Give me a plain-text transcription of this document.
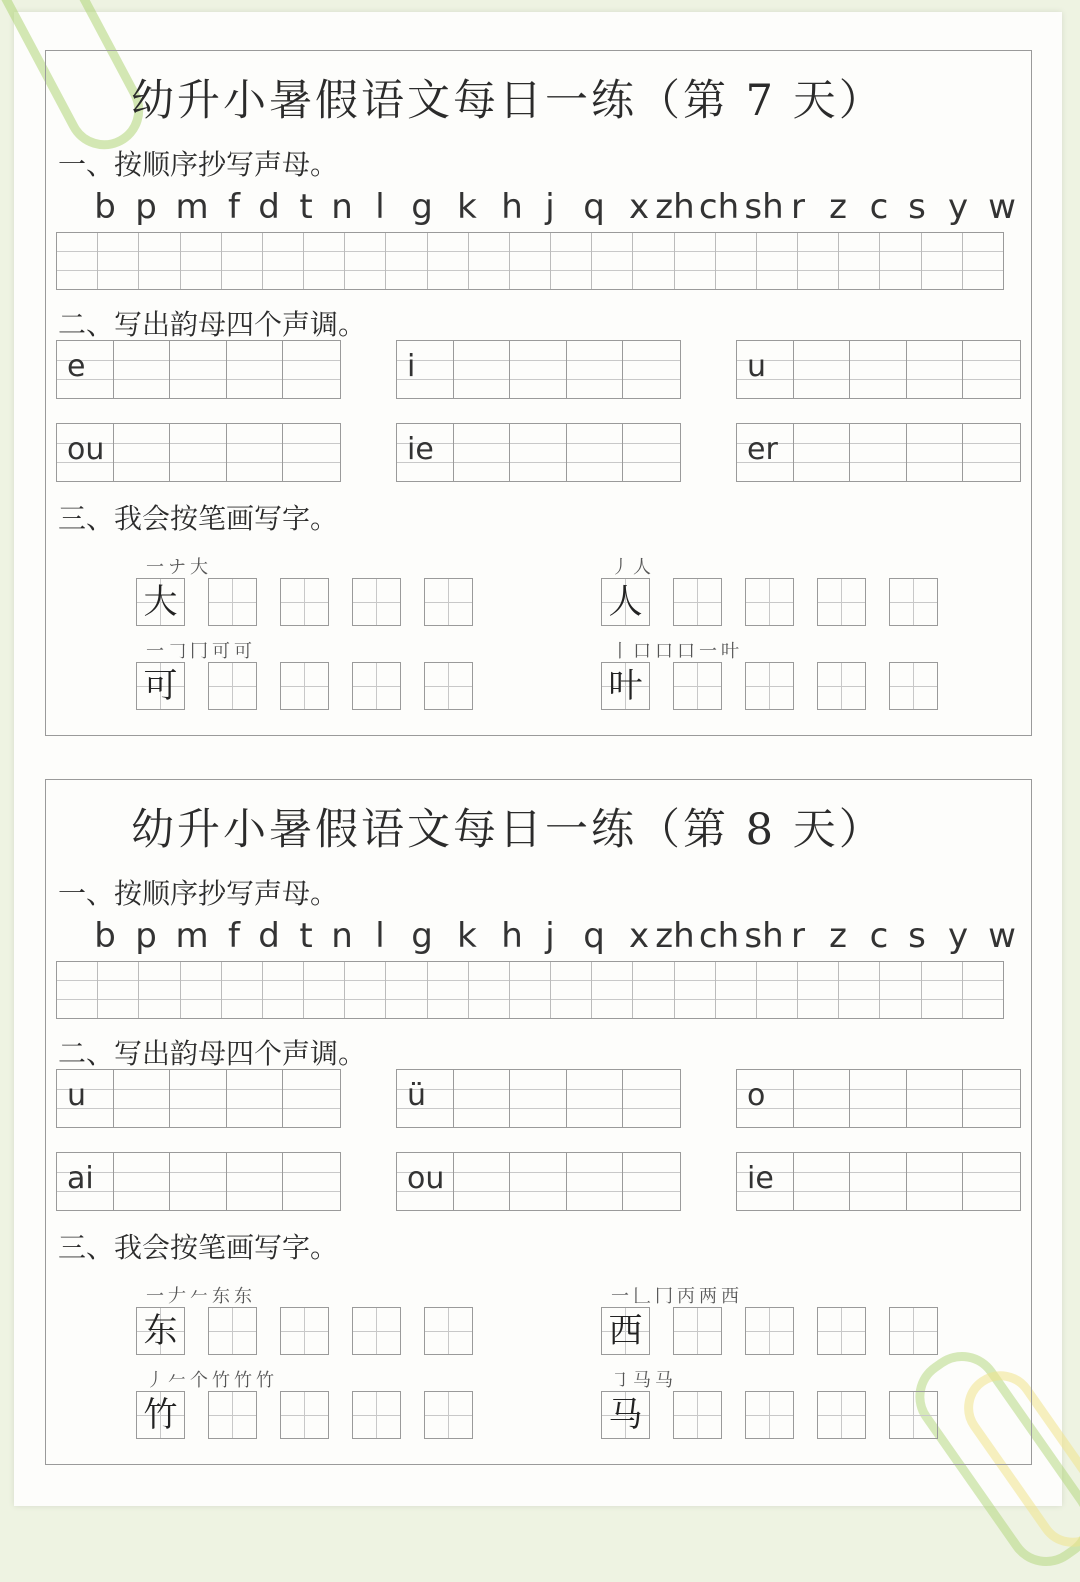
幼升小暑假语文每日一练（第 7 天）
一、按顺序抄写声母。
b p m f d t n l g k h j q x zh ch sh r z c s y w
二、写出韵母四个声调。
e	i	u
ou	ie	er
三、我会按笔画写字。
一ナ大
大
丿人
人
一𠃌冂可可
可
丨口口口一叶
叶
幼升小暑假语文每日一练（第 8 天）
一、按顺序抄写声母。
b p m f d t n l g k h j q x zh ch sh r z c s y w
二、写出韵母四个声调。
u	ü	o
ai	ou	ie
三、我会按笔画写字。
一𠂇𠂉东东
东
一𠃊冂丙两西
西
丿𠂉个竹竹竹
竹
㇆马马
马
